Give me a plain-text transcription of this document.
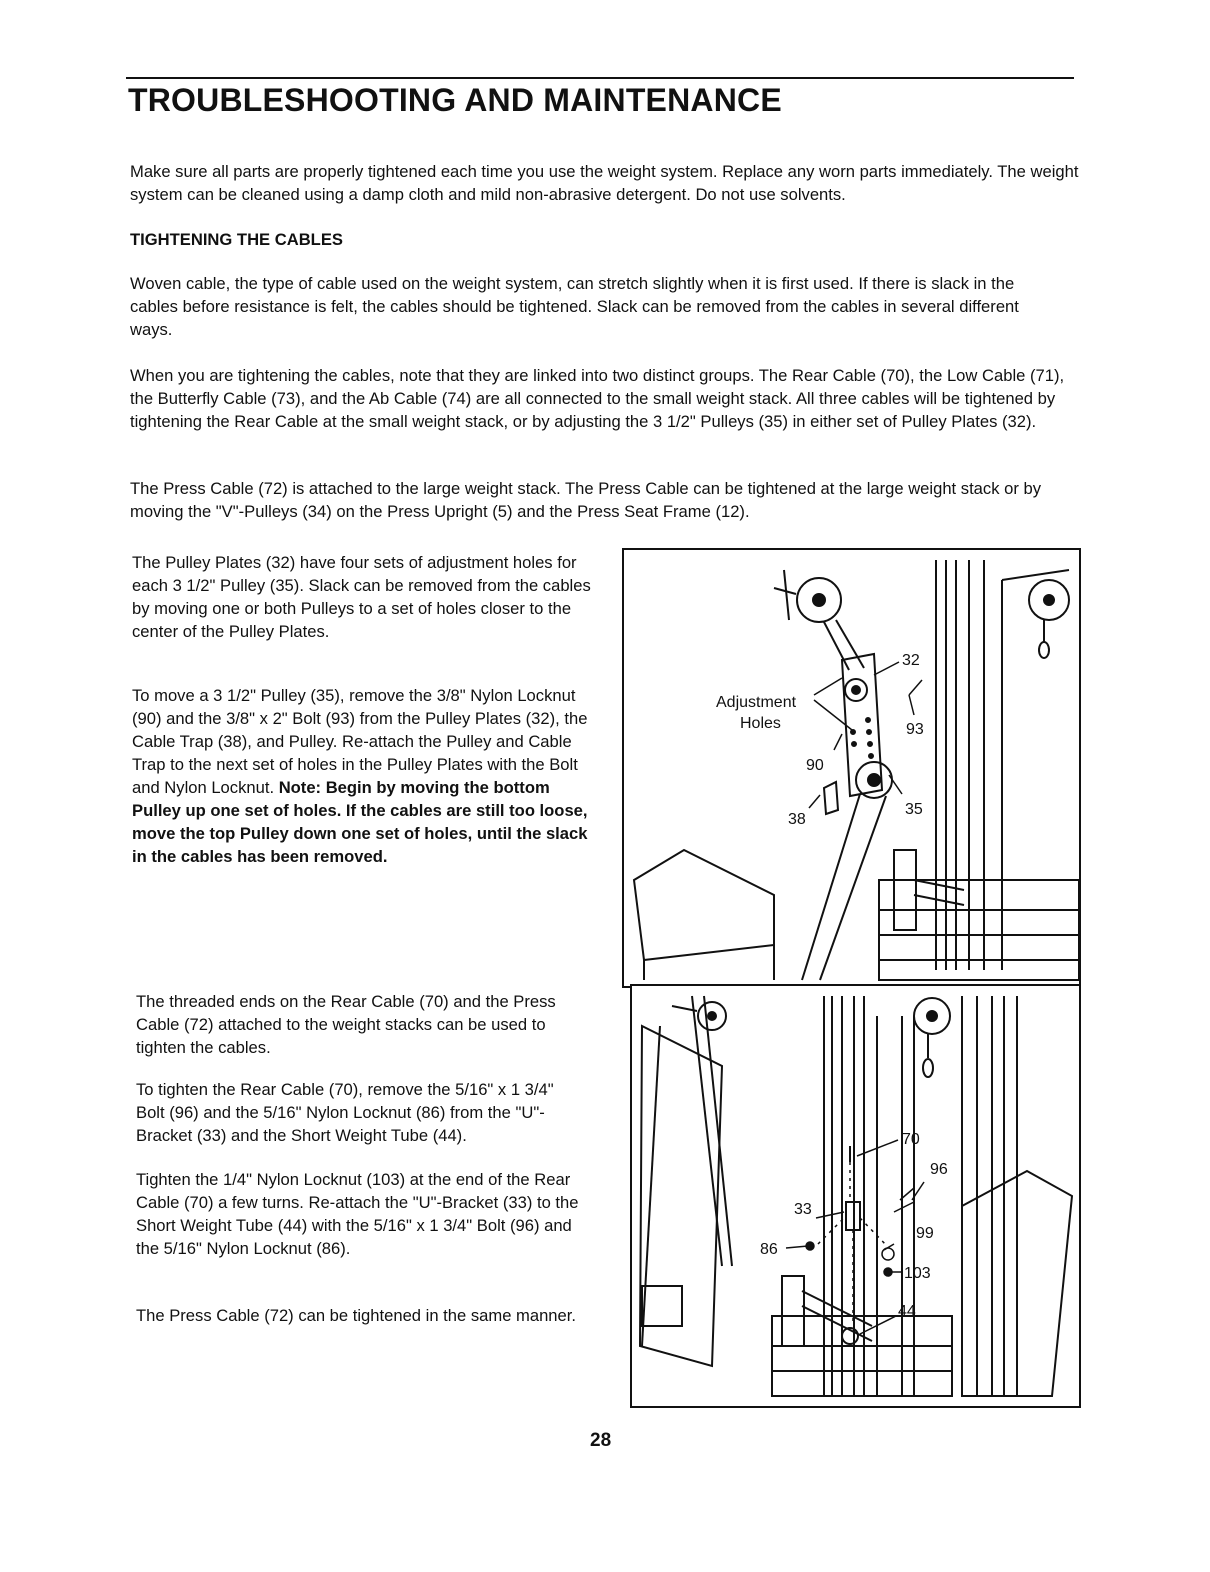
TROUBLESHOOTING AND MAINTENANCE

Make sure all parts are properly tightened each time you use the weight system. Replace any worn parts immediately. The weight system can be cleaned using a damp cloth and mild non-abrasive detergent. Do not use solvents.

TIGHTENING THE CABLES

Woven cable, the type of cable used on the weight system, can stretch slightly when it is first used. If there is slack in the cables before resistance is felt, the cables should be tightened. Slack can be removed from the cables in several different ways.

When you are tightening the cables, note that they are linked into two distinct groups. The Rear Cable (70), the Low Cable (71), the Butterfly Cable (73), and the Ab Cable (74) are all connected to the small weight stack. All three cables will be tightened by tightening the Rear Cable at the small weight stack, or by adjusting the 3 1/2" Pulleys (35) in either set of Pulley Plates (32).

The Press Cable (72) is attached to the large weight stack. The Press Cable can be tightened at the large weight stack or by moving the "V"-Pulleys (34) on the Press Upright (5) and the Press Seat Frame (12).

The Pulley Plates (32) have four sets of adjustment holes for each 3 1/2" Pulley (35). Slack can be removed from the cables by moving one or both Pulleys to a set of holes closer to the center of the Pulley Plates.

To move a 3 1/2" Pulley (35), remove the 3/8" Nylon Locknut (90) and the 3/8" x 2" Bolt (93) from the Pulley Plates (32), the Cable Trap (38), and Pulley. Re-attach the Pulley and Cable Trap to the next set of holes in the Pulley Plates with the Bolt and Nylon Locknut. Note: Begin by moving the bottom Pulley up one set of holes. If the cables are still too loose, move the top Pulley down one set of holes, until the slack in the cables has been removed.

The threaded ends on the Rear Cable (70) and the Press Cable (72) attached to the weight stacks can be used to tighten the cables.

To tighten the Rear Cable (70), remove the 5/16" x 1 3/4" Bolt (96) and the 5/16" Nylon Locknut (86) from the "U"-Bracket (33) and the Short Weight Tube (44).

Tighten the 1/4" Nylon Locknut (103) at the end of the Rear Cable (70) a few turns. Re-attach the "U"-Bracket (33) to the Short Weight Tube (44) with the 5/16" x 1 3/4" Bolt (96) and the 5/16" Nylon Locknut (86).

The Press Cable (72) can be tightened in the same manner.

Adjustment
Holes
32
93
90
35
38
70
96
33
99
86
103
44

28
